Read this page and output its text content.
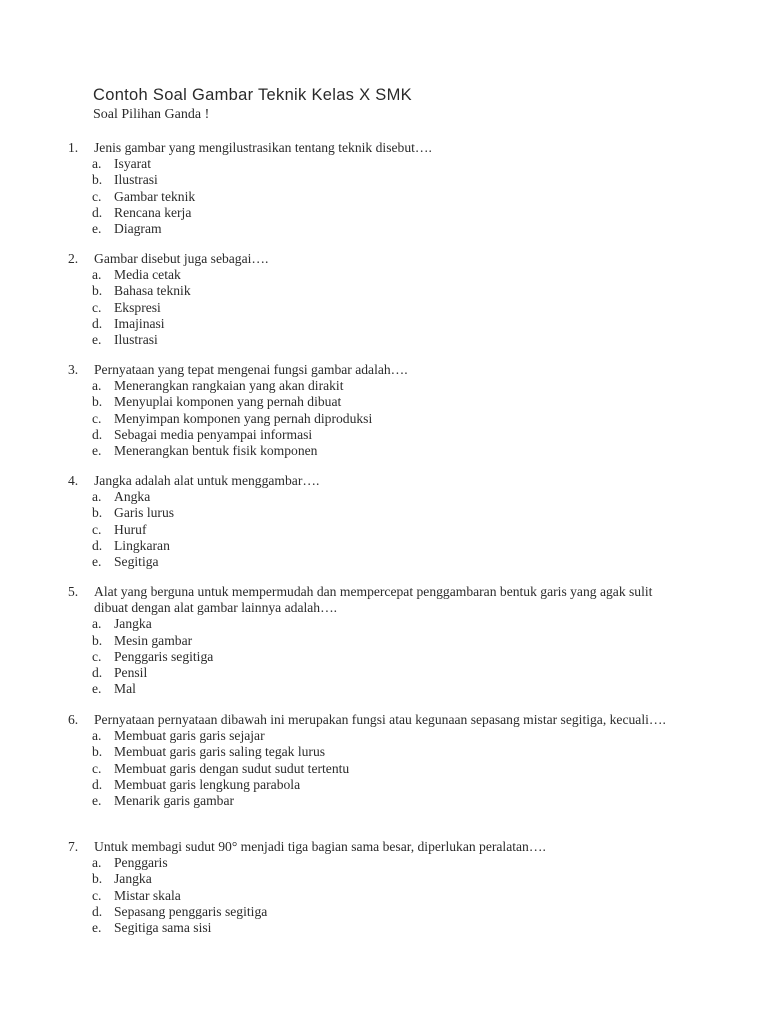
Contoh Soal Gambar Teknik Kelas X SMK
Soal Pilihan Ganda !
1.	Jenis gambar yang mengilustrasikan tentang teknik disebut….
a. Isyarat
b. Ilustrasi
c. Gambar teknik
d. Rencana kerja
e. Diagram
2.	Gambar disebut juga sebagai….
a. Media cetak
b. Bahasa teknik
c. Ekspresi
d. Imajinasi
e. Ilustrasi
3.	Pernyataan yang tepat mengenai fungsi gambar adalah….
a. Menerangkan rangkaian yang akan dirakit
b. Menyuplai komponen yang pernah dibuat
c. Menyimpan komponen yang pernah diproduksi
d. Sebagai media penyampai informasi
e. Menerangkan bentuk fisik komponen
4.	Jangka adalah alat untuk menggambar….
a. Angka
b. Garis lurus
c. Huruf
d. Lingkaran
e. Segitiga
5.	Alat yang berguna untuk mempermudah dan mempercepat penggambaran bentuk garis yang agak sulit dibuat dengan alat gambar lainnya adalah….
a. Jangka
b. Mesin gambar
c. Penggaris segitiga
d. Pensil
e. Mal
6.	Pernyataan pernyataan dibawah ini merupakan fungsi atau kegunaan sepasang mistar segitiga, kecuali….
a. Membuat garis garis sejajar
b. Membuat garis garis saling tegak lurus
c. Membuat garis dengan sudut sudut tertentu
d. Membuat garis lengkung parabola
e. Menarik garis gambar
7.	Untuk membagi sudut 90° menjadi tiga bagian sama besar, diperlukan peralatan….
a. Penggaris
b. Jangka
c. Mistar skala
d. Sepasang penggaris segitiga
e. Segitiga sama sisi
